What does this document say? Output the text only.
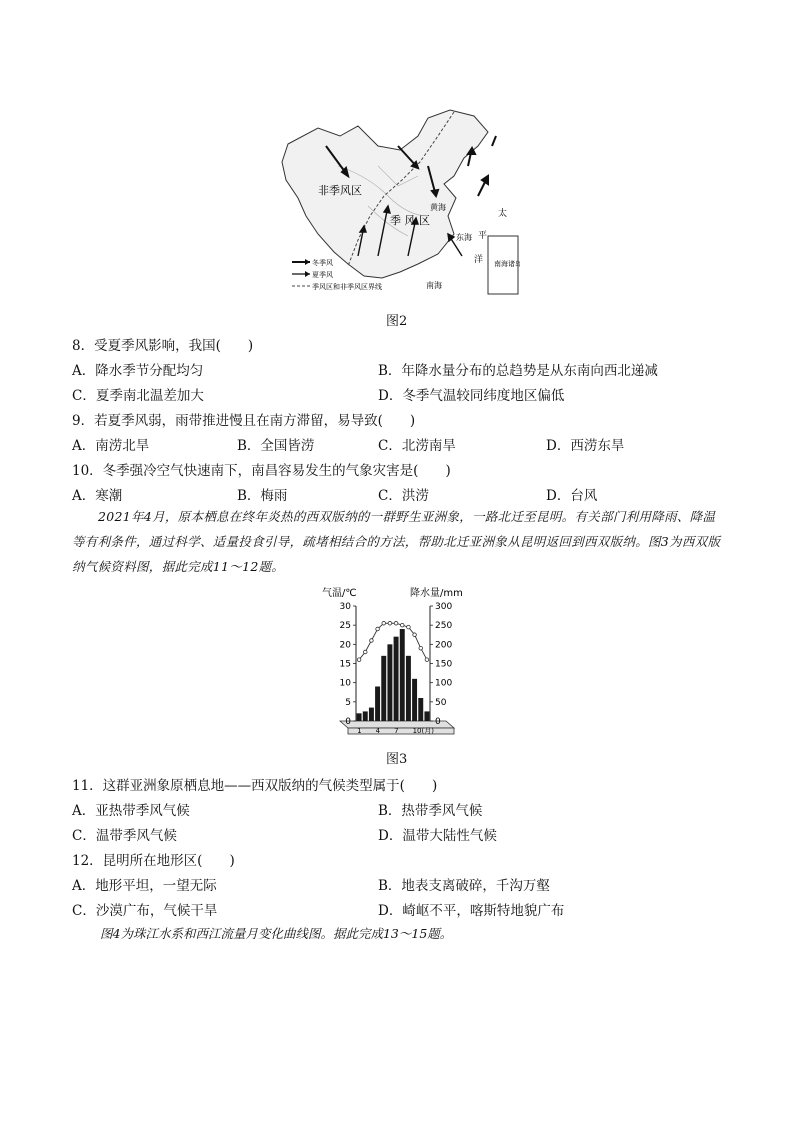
南海诸岛
非季风区
季 风 区
黄海
东海
南海
太
平
洋
冬季风
夏季风
季风区和非季风区界线
图2
8．受夏季风影响，我国(　　)
A．降水季节分配均匀	B．年降水量分布的总趋势是从东南向西北递减
C．夏季南北温差加大	D．冬季气温较同纬度地区偏低
9．若夏季风弱，雨带推进慢且在南方滞留，易导致(　　)
A．南涝北旱	B．全国皆涝	C．北涝南旱	D．西涝东旱
10．冬季强冷空气快速南下，南昌容易发生的气象灾害是(　　)
A．寒潮	B．梅雨	C．洪涝	D．台风
2021年4月，原本栖息在终年炎热的西双版纳的一群野生亚洲象，一路北迁至昆明。有关部门利用降雨、降温等有利条件，通过科学、适量投食引导，疏堵相结合的方法，帮助北迁亚洲象从昆明返回到西双版纳。图3为西双版纳气候资料图，据此完成11～12题。
气温/℃	降水量/mm
0
5
10
15
20
25
30
0
50
100
150
200
250
300
1 4 7 10(月)
图3
11．这群亚洲象原栖息地——西双版纳的气候类型属于(　　)
A．亚热带季风气候	B．热带季风气候
C．温带季风气候	D．温带大陆性气候
12．昆明所在地形区(　　)
A．地形平坦，一望无际	B．地表支离破碎，千沟万壑
C．沙漠广布，气候干旱	D．崎岖不平，喀斯特地貌广布
图4为珠江水系和西江流量月变化曲线图。据此完成13～15题。
